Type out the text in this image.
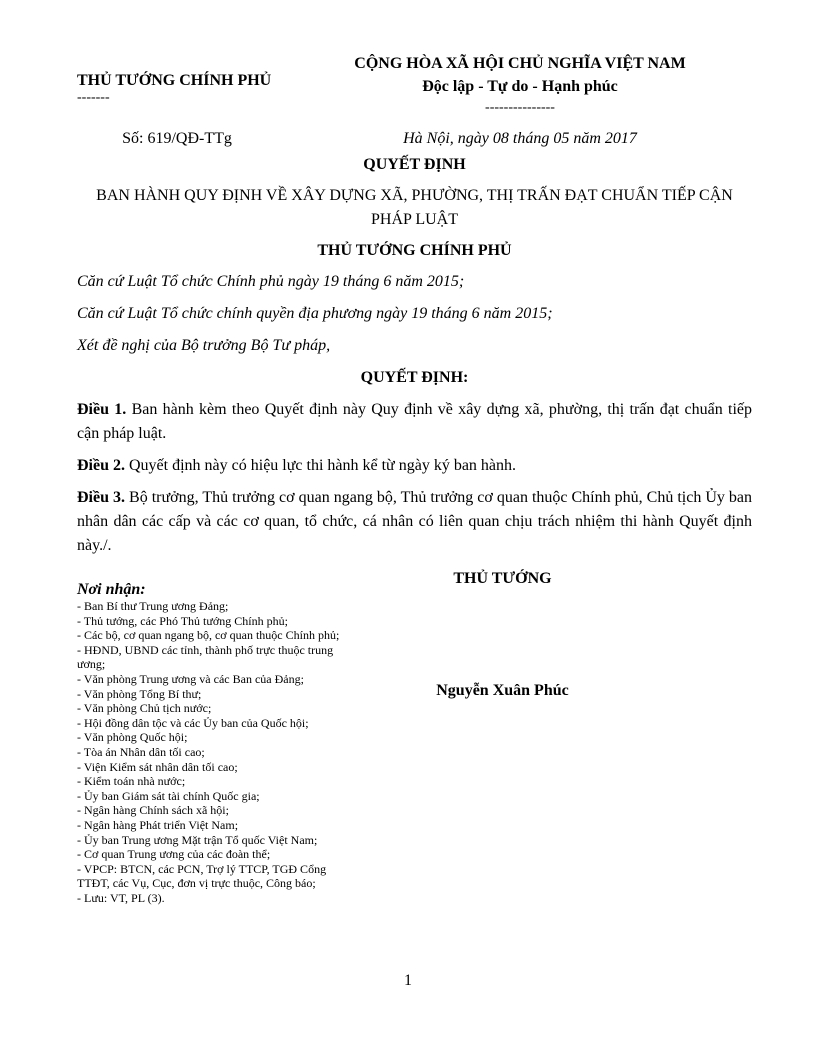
THỦ TƯỚNG CHÍNH PHỦ
-------
CỘNG HÒA XÃ HỘI CHỦ NGHĨA VIỆT NAM
Độc lập - Tự do - Hạnh phúc
---------------
Số: 619/QĐ-TTg	Hà Nội, ngày 08 tháng 05 năm 2017
QUYẾT ĐỊNH
BAN HÀNH QUY ĐỊNH VỀ XÂY DỰNG XÃ, PHƯỜNG, THỊ TRẤN ĐẠT CHUẨN TIẾP CẬN PHÁP LUẬT
THỦ TƯỚNG CHÍNH PHỦ
Căn cứ Luật Tổ chức Chính phủ ngày 19 tháng 6 năm 2015;
Căn cứ Luật Tổ chức chính quyền địa phương ngày 19 tháng 6 năm 2015;
Xét đề nghị của Bộ trưởng Bộ Tư pháp,
QUYẾT ĐỊNH:
Điều 1. Ban hành kèm theo Quyết định này Quy định về xây dựng xã, phường, thị trấn đạt chuẩn tiếp cận pháp luật.
Điều 2. Quyết định này có hiệu lực thi hành kể từ ngày ký ban hành.
Điều 3. Bộ trưởng, Thủ trưởng cơ quan ngang bộ, Thủ trưởng cơ quan thuộc Chính phủ, Chủ tịch Ủy ban nhân dân các cấp và các cơ quan, tổ chức, cá nhân có liên quan chịu trách nhiệm thi hành Quyết định này./.
Nơi nhận:
- Ban Bí thư Trung ương Đảng;
- Thủ tướng, các Phó Thủ tướng Chính phủ;
- Các bộ, cơ quan ngang bộ, cơ quan thuộc Chính phủ;
- HĐND, UBND các tỉnh, thành phố trực thuộc trung ương;
- Văn phòng Trung ương và các Ban của Đảng;
- Văn phòng Tổng Bí thư;
- Văn phòng Chủ tịch nước;
- Hội đồng dân tộc và các Ủy ban của Quốc hội;
- Văn phòng Quốc hội;
- Tòa án Nhân dân tối cao;
- Viện Kiểm sát nhân dân tối cao;
- Kiểm toán nhà nước;
- Ủy ban Giám sát tài chính Quốc gia;
- Ngân hàng Chính sách xã hội;
- Ngân hàng Phát triển Việt Nam;
- Ủy ban Trung ương Mặt trận Tổ quốc Việt Nam;
- Cơ quan Trung ương của các đoàn thể;
- VPCP: BTCN, các PCN, Trợ lý TTCP, TGĐ Cổng TTĐT, các Vụ, Cục, đơn vị trực thuộc, Công báo;
- Lưu: VT, PL (3).
THỦ TƯỚNG
Nguyễn Xuân Phúc
1
